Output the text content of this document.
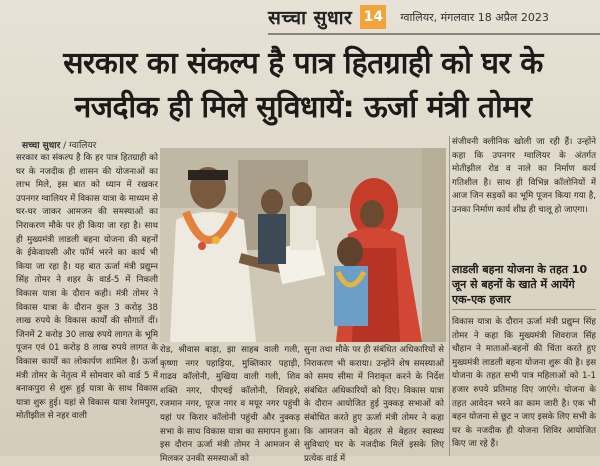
सच्चा सुधार 14 ग्वालियर, मंगलवार 18 अप्रैल 2023
सरकार का संकल्प है पात्र हितग्राही को घर के
नजदीक ही मिले सुविधायें: ऊर्जा मंत्री तोमर
सच्चा सुधार / ग्वालियर
सरकार का संकल्प है कि हर पात्र हितग्राही को घर के नजदीक ही शासन की योजनाओं का लाभ मिले, इस बात को ध्यान में रखकर उपनगर ग्वालियर में विकास यात्रा के माध्यम से घर-घर जाकर आमजन की समस्याओं का निराकरण मौके पर ही किया जा रहा है। साथ ही मुख्यमंत्री लाडली बहना योजना की बहनों के ईकेवायसी और फॉर्म भरने का कार्य भी किया जा रहा है। यह बात ऊर्जा मंत्री प्रद्युम्न सिंह तोमर ने शहर के वार्ड-5 में निकली विकास यात्रा के दौरान कही। मंत्री तोमर ने विकास यात्रा के दौरान कुल 3 करोड़ 38 लाख रुपये के विकास कार्यों की सौगातें दीं। जिनमें 2 करोड़ 30 लाख रुपये लागत के भूमि पूजन एवं 01 करोड़ 8 लाख रुपये लागत के विकास कार्यों का लोकार्पण शामिल है। ऊर्जा मंत्री तोमर के नेतृत्व में सोमवार को वार्ड 5 में बनाकपुरा से शुरू हुई यात्रा के साथ विकास यात्रा शुरू हुई। यहां से विकास यात्रा रेशमपुरा, मोतीझील से नहर वाली
रोड, श्रीवास बाड़ा, झा साहब वाली गली, कृष्णा नगर पहाड़िया, मुक्तिकार पहाड़ी, गाढव कॉलोनी, मुखिया वाली गली, शिव शक्ति नगर, पीएचई कॉलोनी, शिवहरे, रजमान नगर, पूरज नगर व मयूर नगर पहुंची यहां पर किरार कॉलोनी पहुंची और नुक्कड़ सभा के साथ विकास यात्रा का समापन हुआ। इस दौरान ऊर्जा मंत्री तोमर ने आमजन से मिलकर उनकी समस्याओं को
सुना तथा मौके पर ही संबंधित अधिकारियों से निराकरण भी कराया। उन्होंने शेष समस्याओं को समय सीमा में निराकृत करने के निर्देश संबंधित अधिकारियों को दिए। विकास यात्रा के दौरान आयोजित हुई नुक्कड़ सभाओं को संबोधित करते हुए ऊर्जा मंत्री तोमर ने कहा कि आमजन को बेहतर से बेहतर स्वास्थ्य सुविधाएं घर के नजदीक मिलें इसके लिए प्रत्येक वार्ड में
संजीवनी क्लीनिक खोली जा रही हैं। उन्होंने कहा कि उपनगर ग्वालियर के अंतर्गत मोतीझील रोड व नाले का निर्माण कार्य गतिशील है। साथ ही विभिन्न कॉलोनियों में आज जिन सड़कों का भूमि पूजन किया गया है, उनका निर्माण कार्य शीघ्र ही चालू हो जाएगा।
लाडली बहना योजना के तहत 10 जून से बहनों के खाते में आयेंगे एक-एक हजार
विकास यात्रा के दौरान ऊर्जा मंत्री प्रद्युम्न सिंह तोमर ने कहा कि मुख्यमंत्री शिवराज सिंह चौहान ने माताओं-बहनों की चिंता करते हुए मुख्यमंत्री लाडली बहना योजना शुरू की है। इस योजना के तहत सभी पात्र महिलाओं को 1-1 हजार रुपये प्रतिमाह दिए जाएंगे। योजना के तहत आवेदन भरने का काम जारी है। एक भी बहन योजना से छूट न जाए इसके लिए सभी के घर के नजदीक ही योजना शिविर आयोजित किए जा रहे हैं।
